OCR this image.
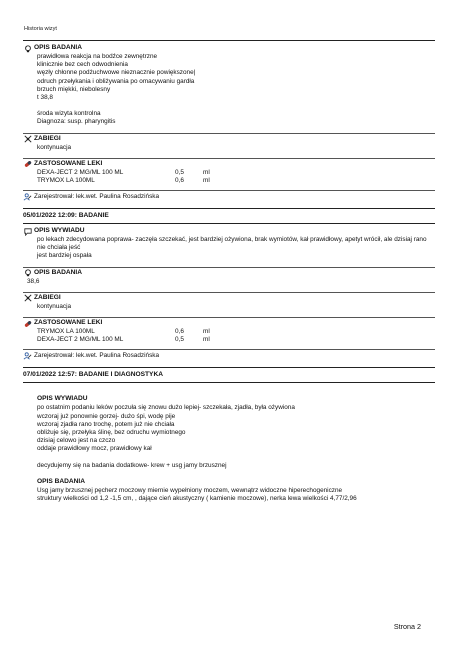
Historia wizyt
OPIS BADANIA
prawidłowa reakcja na bodźce zewnętrzne
klinicznie bez cech odwodnienia
węzły chłonne podżuchwowe nieznacznie powiększone|
odruch przełykania i obliżywania po omacywaniu gardła
brzuch miękki, niebolesny
t 38,8
środa wizyta kontrolna
Diagnoza: susp. pharyngitis
ZABIEGI
kontynuacja
ZASTOSOWANE LEKI
DEXA-JECT 2 MG/ML 100 ML	0,5	ml
TRYMOX LA 100ML	0,6	ml
Zarejestrował: lek.wet. Paulina Rosadzińska
05/01/2022 12:09: BADANIE
OPIS WYWIADU
po lekach zdecydowana poprawa- zaczęła szczekać, jest bardziej ożywiona, brak wymiotów, kał prawidłowy, apetyt wrócił, ale dzisiaj rano nie chciała jeść
jest bardziej ospała
OPIS BADANIA
38,6
ZABIEGI
kontynuacja
ZASTOSOWANE LEKI
TRYMOX LA 100ML	0,6	ml
DEXA-JECT 2 MG/ML 100 ML	0,5	ml
Zarejestrował: lek.wet. Paulina Rosadzińska
07/01/2022 12:57: BADANIE I DIAGNOSTYKA
OPIS WYWIADU
po ostatnim podaniu leków poczuła się znowu dużo lepiej- szczekała, zjadła, była ożywiona
wczoraj już ponownie gorzej- dużo śpi, wodę pije
wczoraj zjadła rano trochę, potem już nie chciała
obliżuje się, przełyka ślinę, bez odruchu wymiotnego
dzisiaj celowo jest na czczo
oddaje prawidłowy mocz, prawidłowy kał
decydujemy się na badania dodatkowe- krew + usg jamy brzusznej
OPIS BADANIA
Usg jamy brzusznej pęcherz moczowy miernie wypełniony moczem, wewnątrz widoczne hiperechogeniczne
struktury wielkości od 1,2 -1,5 cm, , dające cień akustyczny ( kamienie moczowe), nerka lewa wielkości 4,77/2,96
Strona 2
